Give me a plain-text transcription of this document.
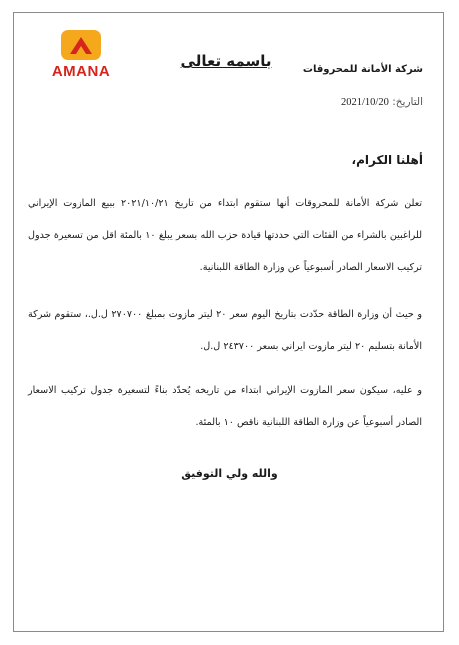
AMANA
باسمه تعالى	شركة الأمانة للمحروقات
التاريخ: 2021/10/20
أهلنا الكرام،
تعلن شركة الأمانة للمحروقات أنها ستقوم ابتداء من تاريخ ٢٠٢١/١٠/٢١ ببيع المازوت الإيراني للراغبين بالشراء من الفئات التي حددتها قيادة حزب الله بسعر يبلغ ١٠ بالمئة اقل من تسعيرة جدول تركيب الاسعار الصادر أسبوعياً عن وزارة الطاقة اللبنانية.
و حيث أن وزارة الطاقة حدّدت بتاريخ اليوم سعر ٢٠ ليتر مازوت بمبلغ ٢٧٠٧٠٠ ل.ل.، ستقوم شركة الأمانة بتسليم ٢٠ ليتر مازوت ايراني بسعر ٢٤٣٧٠٠ ل.ل.
و عليه، سيكون سعر المازوت الإيراني ابتداء من تاريخه يُحدّد بناءً لتسعيرة جدول تركيب الاسعار الصادر أسبوعياً عن وزارة الطاقة اللبنانية ناقص ١٠ بالمئة.
والله ولي التوفيق
